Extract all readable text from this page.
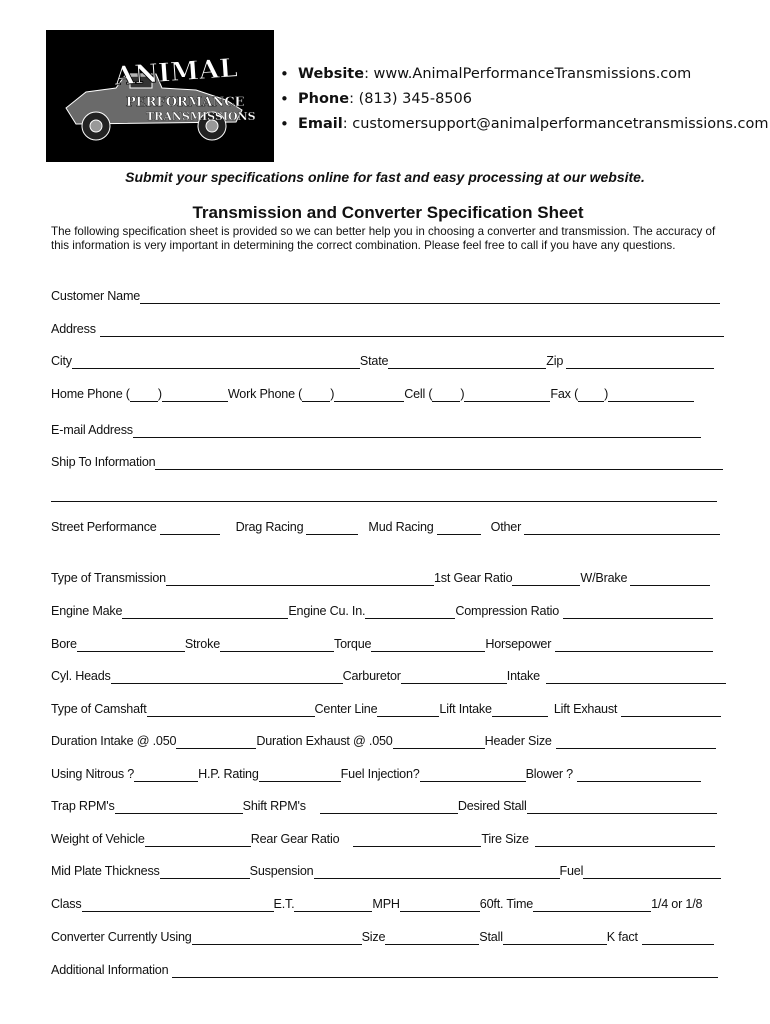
ANIMAL
PERFORMANCE
TRANSMISSIONS
• Website: www.AnimalPerformanceTransmissions.com
• Phone: (813) 345-8506
• Email: customersupport@animalperformancetransmissions.com
Submit your specifications online for fast and easy processing at our website.
Transmission and Converter Specification Sheet

The following specification sheet is provided so we can better help you in choosing a converter and transmission. The accuracy of this information is very important in determining the correct combination. Please feel free to call if you have any questions.

Customer Name
Address
City	State	Zip
Home Phone ( )	Work Phone ( )	Cell ( )	Fax ( )
E-mail Address
Ship To Information
Street Performance	Drag Racing	Mud Racing	Other
Type of Transmission	1st Gear Ratio	W/Brake
Engine Make	Engine Cu. In.	Compression Ratio
Bore	Stroke	Torque	Horsepower
Cyl. Heads	Carburetor	Intake
Type of Camshaft	Center Line	Lift Intake	Lift Exhaust
Duration Intake @ .050	Duration Exhaust @ .050	Header Size
Using Nitrous ?	H.P. Rating	Fuel Injection?	Blower ?
Trap RPM's	Shift RPM's	Desired Stall
Weight of Vehicle	Rear Gear Ratio	Tire Size
Mid Plate Thickness	Suspension	Fuel
Class	E.T.	MPH	60ft. Time	1/4 or 1/8
Converter Currently Using	Size	Stall	K fact
Additional Information
